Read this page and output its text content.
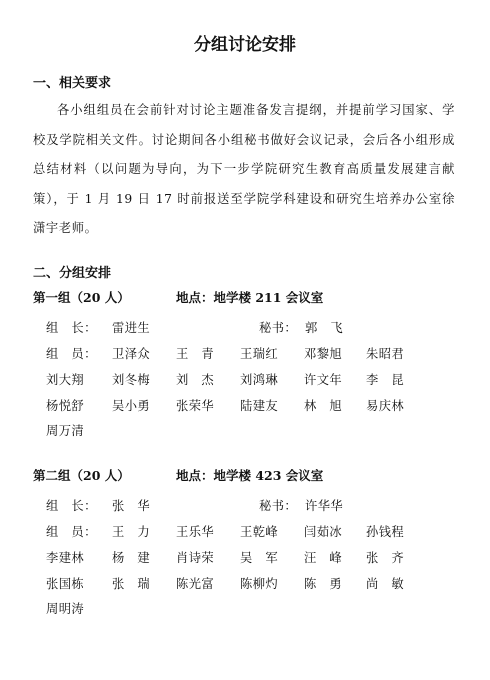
分组讨论安排
一、相关要求
各小组组员在会前针对讨论主题准备发言提纲，并提前学习国家、学校及学院相关文件。讨论期间各小组秘书做好会议记录，会后各小组形成总结材料（以问题为导向，为下一步学院研究生教育高质量发展建言献策），于 1 月 19 日 17 时前报送至学院学科建设和研究生培养办公室徐潇宇老师。
二、分组安排
第一组（20 人）	地点：地学楼 211 会议室
组　长： 雷进生	秘书： 郭　飞
组　员： 卫泽众 王　青 王瑞红 邓黎旭 朱昭君
刘大翔 刘冬梅 刘　杰 刘鸿琳 许文年 李　昆
杨悦舒 吴小勇 张荣华 陆建友 林　旭 易庆林
周万清
第二组（20 人）	地点：地学楼 423 会议室
组　长： 张　华	秘书： 许华华
组　员： 王　力 王乐华 王乾峰 闫茹冰 孙钱程
李建林 杨　建 肖诗荣 吴　军 汪　峰 张　齐
张国栋 张　瑞 陈光富 陈柳灼 陈　勇 尚　敏
周明涛
